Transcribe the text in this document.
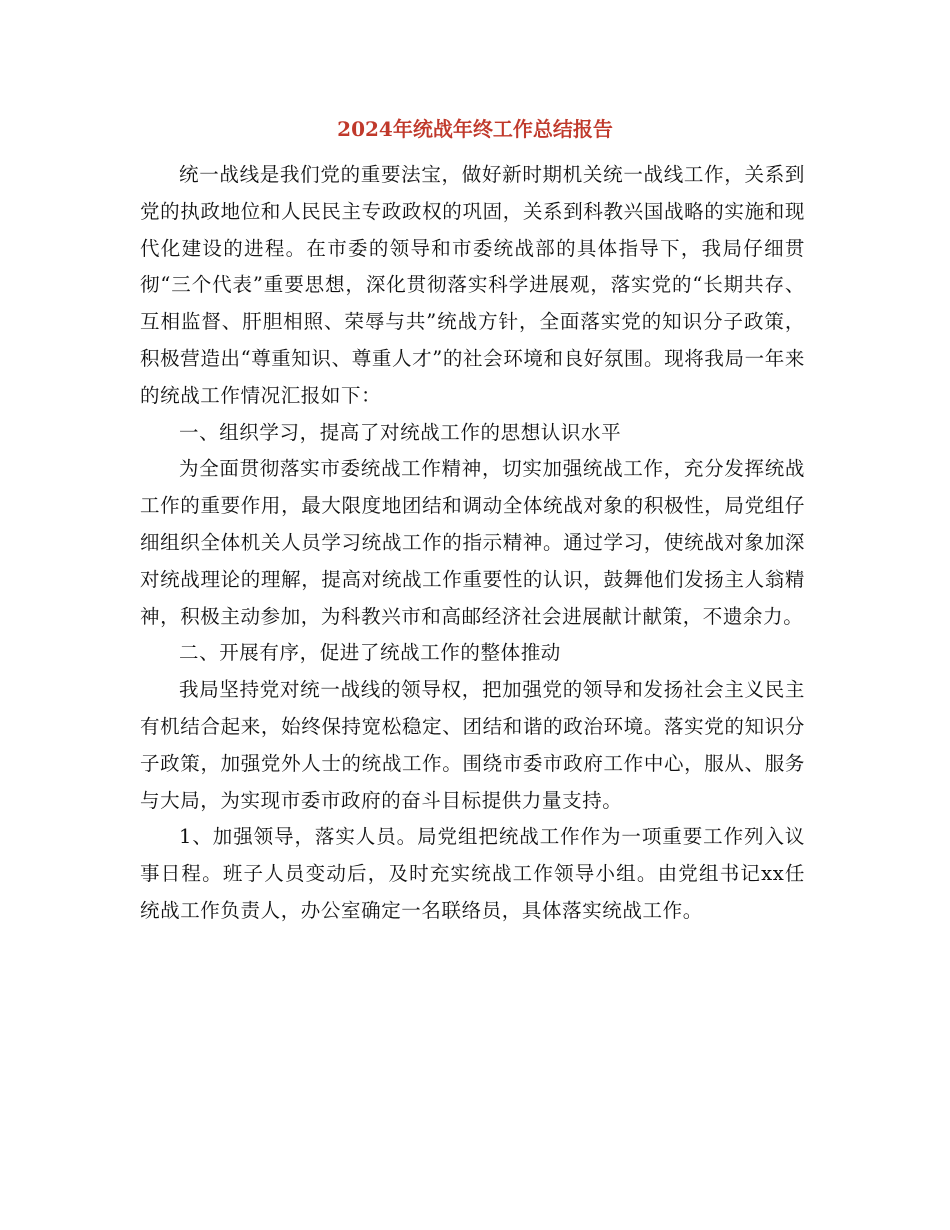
2024年统战年终工作总结报告

统一战线是我们党的重要法宝，做好新时期机关统一战线工作，关系到党的执政地位和人民民主专政政权的巩固，关系到科教兴国战略的实施和现代化建设的进程。在市委的领导和市委统战部的具体指导下，我局仔细贯彻“三个代表”重要思想，深化贯彻落实科学进展观，落实党的“长期共存、互相监督、肝胆相照、荣辱与共”统战方针，全面落实党的知识分子政策，积极营造出“尊重知识、尊重人才”的社会环境和良好氛围。现将我局一年来的统战工作情况汇报如下：

一、组织学习，提高了对统战工作的思想认识水平

为全面贯彻落实市委统战工作精神，切实加强统战工作，充分发挥统战工作的重要作用，最大限度地团结和调动全体统战对象的积极性，局党组仔细组织全体机关人员学习统战工作的指示精神。通过学习，使统战对象加深对统战理论的理解，提高对统战工作重要性的认识，鼓舞他们发扬主人翁精神，积极主动参加，为科教兴市和高邮经济社会进展献计献策，不遗余力。

二、开展有序，促进了统战工作的整体推动

我局坚持党对统一战线的领导权，把加强党的领导和发扬社会主义民主有机结合起来，始终保持宽松稳定、团结和谐的政治环境。落实党的知识分子政策，加强党外人士的统战工作。围绕市委市政府工作中心，服从、服务与大局，为实现市委市政府的奋斗目标提供力量支持。

1、加强领导，落实人员。局党组把统战工作作为一项重要工作列入议事日程。班子人员变动后，及时充实统战工作领导小组。由党组书记xx任统战工作负责人，办公室确定一名联络员，具体落实统战工作。
